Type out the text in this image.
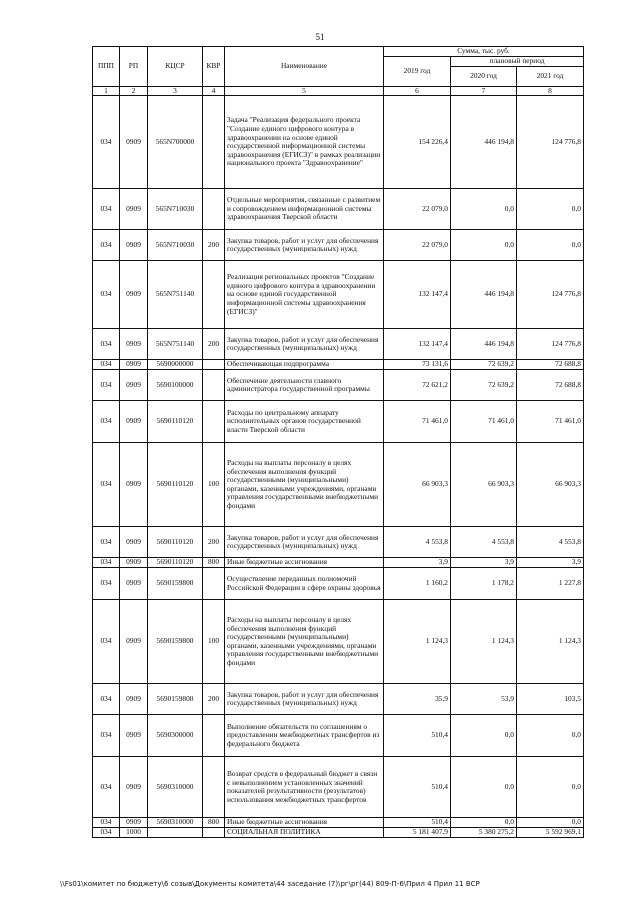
51
ППП	РП	КЦСР	КВР	Наименование	Сумма, тыс. руб.		
					2019 год	плановый период	
						2020 год	2021 год
1	2	3	4	5	6	7	8
034	0909	565N700000		Задача "Реализация федерального проекта "Создание единого цифрового контура в здравоохранении на основе единой государственной информационной системы здравоохранения (ЕГИСЗ)" в рамках реализации национального проекта "Здравоохранение"	154 226,4	446 194,8	124 776,8
034	0909	565N710030		Отдельные мероприятия, связанные с развитием и сопровождением информационной системы здравоохранения Тверской области	22 079,0	0,0	0,0
034	0909	565N710030	200	Закупка товаров, работ и услуг для обеспечения государственных (муниципальных) нужд	22 079,0	0,0	0,0
034	0909	565N751140		Реализация региональных проектов "Создание единого цифрового контура в здравоохранении на основе единой государственной информационной системы здравоохранения (ЕГИСЗ)"	132 147,4	446 194,8	124 776,8
034	0909	565N751140	200	Закупка товаров, работ и услуг для обеспечения государственных (муниципальных) нужд	132 147,4	446 194,8	124 776,8
034	0909	5690000000		Обеспечивающая подпрограмма	73 131,6	72 639,2	72 688,8
034	0909	5690100000		Обеспечение деятельности главного администратора государственной программы	72 621,2	72 639,2	72 688,8
034	0909	5690110120		Расходы по центральному аппарату исполнительных органов государственной власти Тверской области	71 461,0	71 461,0	71 461,0
034	0909	5690110120	100	Расходы на выплаты персоналу в целях обеспечения выполнения функций государственными (муниципальными) органами, казенными учреждениями, органами управления государственными внебюджетными фондами	66 903,3	66 903,3	66 903,3
034	0909	5690110120	200	Закупка товаров, работ и услуг для обеспечения государственных (муниципальных) нужд	4 553,8	4 553,8	4 553,8
034	0909	5690110120	800	Иные бюджетные ассигнования	3,9	3,9	3,9
034	0909	5690159800		Осуществление переданных полномочий Российской Федерации в сфере охраны здоровья	1 160,2	1 178,2	1 227,8
034	0909	5690159800	100	Расходы на выплаты персоналу в целях обеспечения выполнения функций государственными (муниципальными) органами, казенными учреждениями, органами управления государственными внебюджетными фондами	1 124,3	1 124,3	1 124,3
034	0909	5690159800	200	Закупка товаров, работ и услуг для обеспечения государственных (муниципальных) нужд	35,9	53,9	103,5
034	0909	5690300000		Выполнение обязательств по соглашениям о предоставлении межбюджетных трансфертов из федерального бюджета	510,4	0,0	0,0
034	0909	5690310000		Возврат средств в федеральный бюджет в связи с невыполнением установленных значений показателей результативности (результатов) использования межбюджетных трансфертов	510,4	0,0	0,0
034	0909	5690310000	800	Иные бюджетные ассигнования	510,4	0,0	0,0
034	1000			СОЦИАЛЬНАЯ ПОЛИТИКА	5 181 407,9	5 380 275,2	5 592 969,1
\\Fs01\комитет по бюджету\6 созыв\Документы комитета\44 заседание (7)\рг\рг(44) 809-П-6\Прил 4 Прил 11 ВСР
